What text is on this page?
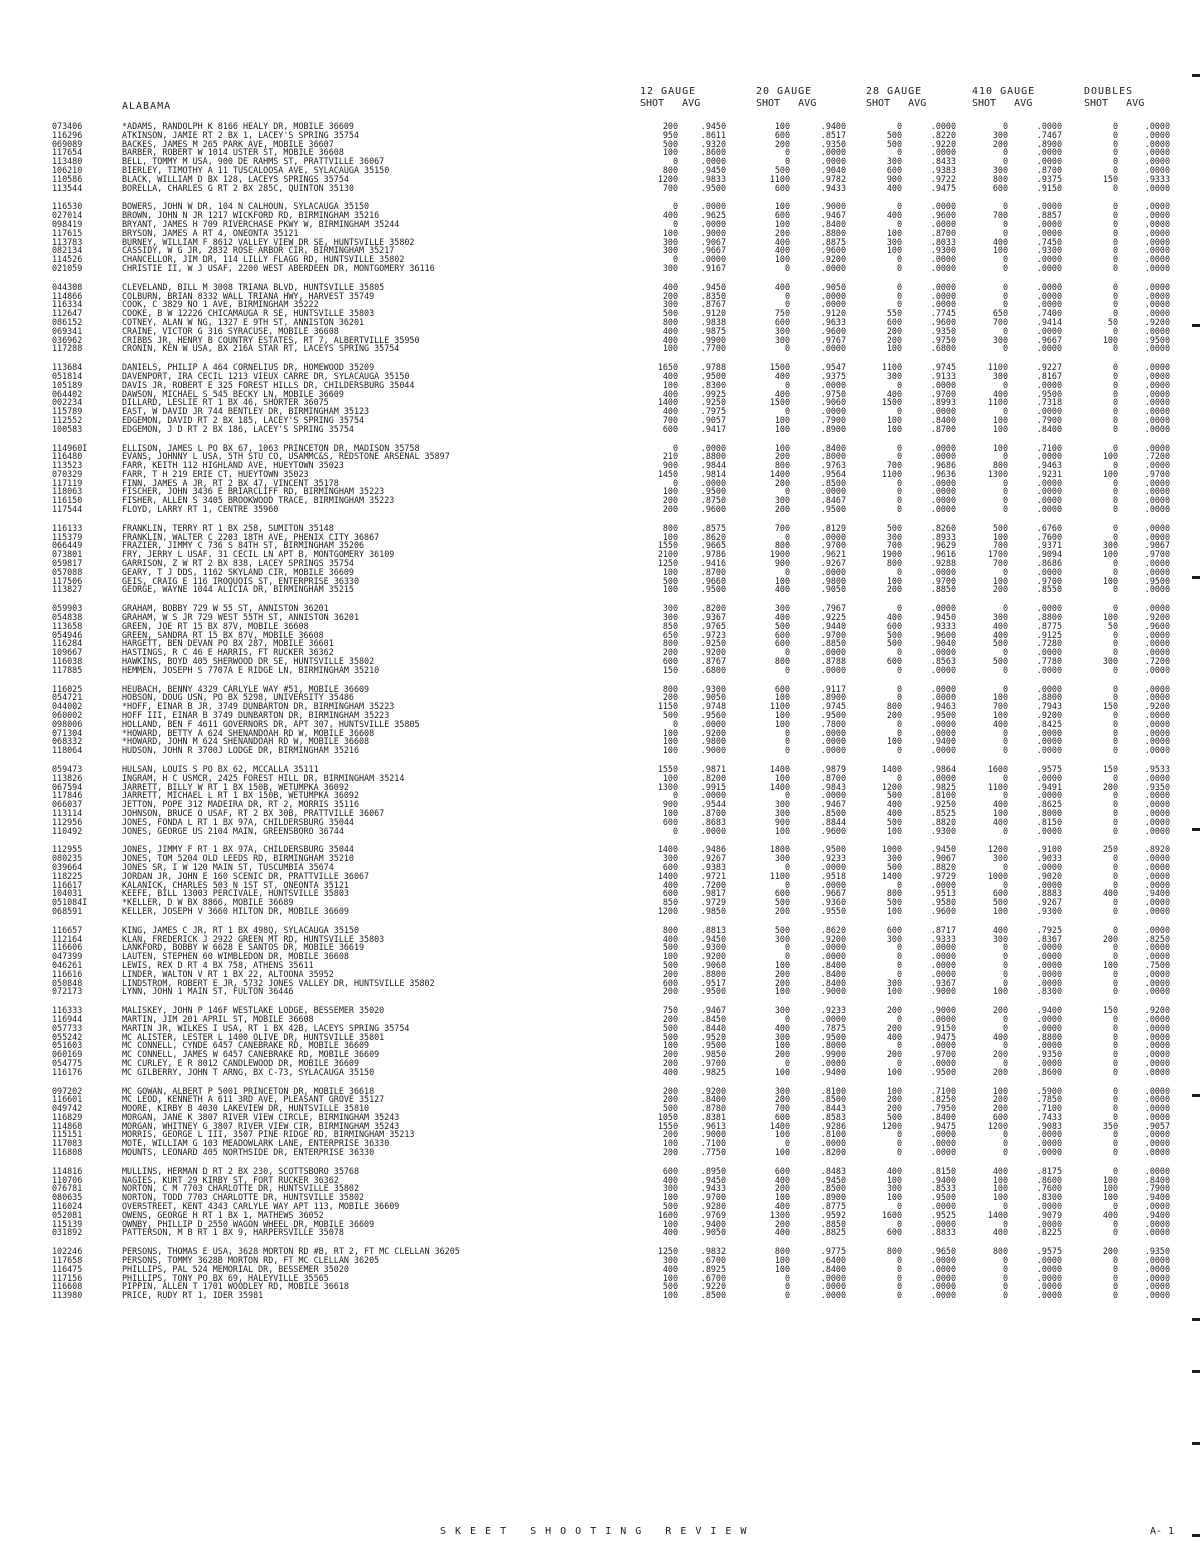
ALABAMA
12 GAUGE
SHOT AVG
20 GAUGE
SHOT AVG
28 GAUGE
SHOT AVG
410 GAUGE
SHOT AVG
DOUBLES
SHOT AVG
073406	*ADAMS, RANDOLPH K 8166 HEALY DR, MOBILE 36609	200	.9450	100	.9400	0	.0000	0	.0000	0	.0000
116296	ATKINSON, JAMIE RT 2 BX 1, LACEY'S SPRING 35754	950	.8611	600	.8517	500	.8220	300	.7467	0	.0000
069089	BACKES, JAMES M 265 PARK AVE, MOBILE 36607	500	.9320	200	.9350	500	.9220	200	.8900	0	.0000
117654	BARBER, ROBERT W 1014 USTER ST, MOBILE 36608	100	.8600	0	.0000	0	.0000	0	.0000	0	.0000
113480	BELL, TOMMY M USA, 900 DE RAHMS ST, PRATTVILLE 36067	0	.0000	0	.0000	300	.8433	0	.0000	0	.0000
106210	BIERLEY, TIMOTHY A 11 TUSCALOOSA AVE, SYLACAUGA 35150	800	.9450	500	.9040	600	.9383	300	.8700	0	.0000
110586	BLACK, WILLIAM D BX 128, LACEYS SPRINGS 35754	1200	.9833	1100	.9782	900	.9722	800	.9375	150	.9333
113544	BORELLA, CHARLES G RT 2 BX 285C, QUINTON 35130	700	.9500	600	.9433	400	.9475	600	.9150	0	.0000
116530	BOWERS, JOHN W DR, 104 N CALHOUN, SYLACAUGA 35150	0	.0000	100	.9000	0	.0000	0	.0000	0	.0000
027014	BROWN, JOHN N JR 1217 WICKFORD RD, BIRMINGHAM 35216	400	.9625	600	.9467	400	.9600	700	.8857	0	.0000
098419	BRYANT, JAMES H 709 RIVERCHASE PKWY W, BIRMINGHAM 35244	0	.0000	100	.8400	0	.0000	0	.0000	0	.0000
117615	BRYSON, JAMES A RT 4, ONEONTA 35121	100	.9000	200	.8800	100	.8700	0	.0000	0	.0000
113783	BURNEY, WILLIAM F 8612 VALLEY VIEW DR SE, HUNTSVILLE 35802	300	.9067	400	.8875	300	.8033	400	.7450	0	.0000
082134	CASSIDY, W G JR, 2832 ROSE ARBOR CIR, BIRMINGHAM 35217	300	.9667	400	.9600	100	.9300	100	.9300	0	.0000
114526	CHANCELLOR, JIM DR, 114 LILLY FLAGG RD, HUNTSVILLE 35802	0	.0000	100	.9200	0	.0000	0	.0000	0	.0000
021059	CHRISTIE II, W J USAF, 2200 WEST ABERDEEN DR, MONTGOMERY 36116	300	.9167	0	.0000	0	.0000	0	.0000	0	.0000
044308	CLEVELAND, BILL M 3008 TRIANA BLVD, HUNTSVILLE 35805	400	.9450	400	.9050	0	.0000	0	.0000	0	.0000
114866	COLBURN, BRIAN 8332 WALL TRIANA HWY, HARVEST 35749	200	.8350	0	.0000	0	.0000	0	.0000	0	.0000
116334	COOK, C 3829 NO 1 AVE, BIRMINGHAM 35222	300	.8767	0	.0000	0	.0000	0	.0000	0	.0000
112647	COOKE, B W 12226 CHICAMAUGA R SE, HUNTSVILLE 35803	500	.9120	750	.9120	550	.7745	650	.7400	0	.0000
086152	COTNEY, ALAN W NG, 1327 E 9TH ST, ANNISTON 36201	800	.9838	600	.9633	600	.9600	700	.9414	50	.9200
069341	CRAINE, VICTOR G 316 SYRACUSE, MOBILE 36608	400	.9875	300	.9600	200	.9350	0	.0000	0	.0000
036962	CRIBBS JR, HENRY B COUNTRY ESTATES, RT 7, ALBERTVILLE 35950	400	.9900	300	.9767	200	.9750	300	.9667	100	.9500
117288	CRONIN, KEN W USA, BX 216A STAR RT, LACEYS SPRING 35754	100	.7700	0	.0000	100	.6800	0	.0000	0	.0000
113684	DANIELS, PHILIP A 464 CORNELIUS DR, HOMEWOOD 35209	1650	.9788	1500	.9547	1100	.9745	1100	.9227	0	.0000
051814	DAVENPORT, IRA CECIL 1213 VIEUX CARRE DR, SYLACAUGA 35150	400	.9500	400	.9375	300	.9133	300	.8167	0	.0000
105189	DAVIS JR, ROBERT E 325 FOREST HILLS DR, CHILDERSBURG 35044	100	.8300	0	.0000	0	.0000	0	.0000	0	.0000
064402	DAWSON, MICHAEL S 545 BECKY LN, MOBILE 36609	400	.9925	400	.9750	400	.9700	400	.9500	0	.0000
002234	DILLARD, LESLIE RT 1 BX 46, SHORTER 36075	1400	.9250	1500	.9060	1500	.8993	1100	.7318	0	.0000
115789	EAST, W DAVID JR 744 BENTLEY DR, BIRMINGHAM 35123	400	.7975	0	.0000	0	.0000	0	.0000	0	.0000
112552	EDGEMON, DAVID RT 2 BX 185, LACEY'S SPRING 35754	700	.9057	100	.7900	100	.8400	100	.7900	0	.0000
100583	EDGEMON, J D RT 2 BX 186, LACEY'S SPRING 35754	600	.9417	100	.8900	100	.8700	100	.8400	0	.0000
114960I	ELLISON, JAMES L PO BX 67, 1063 PRINCETON DR, MADISON 35758	0	.0000	100	.8400	0	.0000	100	.7100	0	.0000
116480	EVANS, JOHNNY L USA, 5TH STU CO, USAMMC&S, REDSTONE ARSENAL 35897	210	.8800	200	.8000	0	.0000	0	.0000	100	.7200
113523	FARR, KEITH 112 HIGHLAND AVE, HUEYTOWN 35023	900	.9844	800	.9763	700	.9686	800	.9463	0	.0000
070329	FARR, T H 219 ERIE CT, HUEYTOWN 35023	1450	.9814	1400	.9564	1100	.9636	1300	.9231	100	.9700
117119	FINN, JAMES A JR, RT 2 BX 47, VINCENT 35178	0	.0000	200	.8500	0	.0000	0	.0000	0	.0000
118063	FISCHER, JOHN 3436 E BRIARCLIFF RD, BIRMINGHAM 35223	100	.9500	0	.0000	0	.0000	0	.0000	0	.0000
116150	FISHER, ALLEN S 3405 BROOKWOOD TRACE, BIRMINGHAM 35223	200	.8750	300	.8467	0	.0000	0	.0000	0	.0000
117544	FLOYD, LARRY RT 1, CENTRE 35960	200	.9600	200	.9500	0	.0000	0	.0000	0	.0000
116133	FRANKLIN, TERRY RT 1 BX 258, SUMITON 35148	800	.8575	700	.8129	500	.8260	500	.6760	0	.0000
115379	FRANKLIN, WALTER C 2203 18TH AVE, PHENIX CITY 36867	100	.8620	0	.0000	300	.8933	100	.7600	0	.0000
066449	FRAZIER, JIMMY C 736 S 84TH ST, BIRMINGHAM 35206	1550	.9665	800	.9700	700	.9629	700	.9371	300	.9067
073801	FRY, JERRY L USAF, 31 CECIL LN APT B, MONTGOMERY 36109	2100	.9786	1900	.9621	1900	.9616	1700	.9094	100	.9700
059817	GARRISON, Z W RT 2 BX 838, LACEY SPRINGS 35754	1250	.9416	900	.9267	800	.9288	700	.8686	0	.0000
057088	GEARY, T J DDS, 1162 SKYLAND CIR, MOBILE 36609	100	.8700	0	.0000	0	.0000	0	.0000	0	.0000
117506	GEIS, CRAIG E 116 IROQUOIS ST, ENTERPRISE 36330	500	.9660	100	.9800	100	.9700	100	.9700	100	.9500
113827	GEORGE, WAYNE 1044 ALICIA DR, BIRMINGHAM 35215	100	.9500	400	.9050	200	.8850	200	.8550	0	.0000
059903	GRAHAM, BOBBY 729 W 55 ST, ANNISTON 36201	300	.8200	300	.7967	0	.0000	0	.0000	0	.0000
054838	GRAHAM, W S JR 729 WEST 55TH ST, ANNISTON 36201	300	.9367	400	.9225	400	.9450	300	.8800	100	.9200
113658	GREEN, JOE RT 15 BX 87V, MOBILE 36608	850	.9765	500	.9440	600	.9333	400	.8775	50	.9600
054946	GREEN, SANDRA RT 15 BX 87V, MOBILE 36608	650	.9723	600	.9700	500	.9600	400	.9125	0	.0000
116284	HARGETT, BEN DEVAN PO BX 287, MOBILE 36601	800	.9250	600	.8850	500	.9040	500	.7280	0	.0000
109667	HASTINGS, R C 46 E HARRIS, FT RUCKER 36362	200	.9200	0	.0000	0	.0000	0	.0000	0	.0000
116038	HAWKINS, BOYD 405 SHERWOOD DR SE, HUNTSVILLE 35802	600	.8767	800	.8788	600	.8563	500	.7780	300	.7200
117885	HEMMEN, JOSEPH S 7707A E RIDGE LN, BIRMINGHAM 35210	150	.6800	0	.0000	0	.0000	0	.0000	0	.0000
116025	HEUBACH, BENNY 4329 CARLYLE WAY #51, MOBILE 36609	800	.9300	600	.9117	0	.0000	0	.0000	0	.0000
054721	HOBSON, DOUG USN, PO BX 5298, UNIVERSITY 35486	200	.9050	100	.8900	0	.0000	100	.8800	0	.0000
044002	*HOFF, EINAR B JR, 3749 DUNBARTON DR, BIRMINGHAM 35223	1150	.9748	1100	.9745	800	.9463	700	.7943	150	.9200
060002	HOFF III, EINAR B 3749 DUNBARTON DR, BIRMINGHAM 35223	500	.9560	100	.9500	200	.9500	100	.9200	0	.0000
098006	HOLLAND, BEN F 4611 GOVERNORS DR, APT 307, HUNTSVILLE 35805	0	.0000	100	.7800	0	.0000	400	.8425	0	.0000
071304	*HOWARD, BETTY A 624 SHENANDOAH RD W, MOBILE 36608	100	.9200	0	.0000	0	.0000	0	.0000	0	.0000
068332	*HOWARD, JOHN M 624 SHENANDOAH RD W, MOBILE 36608	100	.9800	0	.0000	100	.9400	0	.0000	0	.0000
118064	HUDSON, JOHN R 3700J LODGE DR, BIRMINGHAM 35216	100	.9000	0	.0000	0	.0000	0	.0000	0	.0000
059473	HULSAN, LOUIS S PO BX 62, MCCALLA 35111	1550	.9871	1400	.9879	1400	.9864	1600	.9575	150	.9533
113826	INGRAM, H C USMCR, 2425 FOREST HILL DR, BIRMINGHAM 35214	100	.8200	100	.8700	0	.0000	0	.0000	0	.0000
067594	JARRETT, BILLY W RT 1 BX 150B, WETUMPKA 36092	1300	.9915	1400	.9843	1200	.9825	1100	.9491	200	.9350
117846	JARRETT, MICHAEL L RT 1 BX 150B, WETUMPKA 36092	0	.0000	0	.0000	500	.8100	0	.0000	0	.0000
066037	JETTON, POPE 312 MADEIRA DR, RT 2, MORRIS 35116	900	.9544	300	.9467	400	.9250	400	.8625	0	.0000
113114	JOHNSON, BRUCE O USAF, RT 2 BX 30B, PRATTVILLE 36067	100	.8700	300	.8500	400	.8525	100	.8000	0	.0000
112956	JONES, FONDA L RT 1 BX 97A, CHILDERSBURG 35044	600	.8683	900	.8844	500	.8820	400	.8150	0	.0000
110492	JONES, GEORGE US 2104 MAIN, GREENSBORO 36744	0	.0000	100	.9600	100	.9300	0	.0000	0	.0000
112955	JONES, JIMMY F RT 1 BX 97A, CHILDERSBURG 35044	1400	.9486	1800	.9500	1000	.9450	1200	.9100	250	.8920
080235	JONES, TOM 5204 OLD LEEDS RD, BIRMINGHAM 35210	300	.9267	300	.9233	300	.9067	300	.9033	0	.0000
039664	JONES SR, I W 120 MAIN ST, TUSCUMBIA 35674	600	.9383	0	.0000	500	.8820	0	.0000	0	.0000
118225	JORDAN JR, JOHN E 160 SCENIC DR, PRATTVILLE 36067	1400	.9721	1100	.9518	1400	.9729	1000	.9020	0	.0000
116617	KALANICK, CHARLES 503 N 1ST ST, ONEONTA 35121	400	.7200	0	.0000	0	.0000	0	.0000	0	.0000
104031	KEEFE, BILL 13003 PERCIVALE, HUNTSVILLE 35803	600	.9817	600	.9667	800	.9513	600	.8883	400	.9400
051084I	*KELLER, D W BX 8866, MOBILE 36689	850	.9729	500	.9360	500	.9580	500	.9267	0	.0000
068591	KELLER, JOSEPH V 3660 HILTON DR, MOBILE 36609	1200	.9850	200	.9550	100	.9600	100	.9300	0	.0000
116657	KING, JAMES C JR, RT 1 BX 498Q, SYLACAUGA 35150	800	.8813	500	.8620	600	.8717	400	.7925	0	.0000
112164	KLAN, FREDERICK J 2922 GREEN MT RD, HUNTSVILLE 35803	400	.9450	300	.9200	300	.9333	300	.8367	200	.8250
116606	LANKFORD, BOBBY W 6628 E SANTOS DR, MOBILE 36619	500	.9300	0	.0000	0	.0000	0	.0000	0	.0000
047399	LAUTEN, STEPHEN 60 WIMBLEDON DR, MOBILE 36608	100	.9200	0	.0000	0	.0000	0	.0000	0	.0000
046261	LEWIS, REX D RT 4 BX 758, ATHENS 35611	500	.9060	100	.8400	0	.0000	0	.0000	100	.7500
116616	LINDER, WALTON V RT 1 BX 22, ALTOONA 35952	200	.8800	200	.8400	0	.0000	0	.0000	0	.0000
050848	LINDSTROM, ROBERT E JR, 5732 JONES VALLEY DR, HUNTSVILLE 35802	600	.9517	200	.8400	300	.9367	0	.0000	0	.0000
072173	LYNN, JOHN 1 MAIN ST, FULTON 36446	200	.9500	100	.9000	100	.9000	100	.8300	0	.0000
116333	MALISKEY, JOHN P 146F WESTLAKE LODGE, BESSEMER 35020	750	.9467	300	.9233	200	.9000	200	.9400	150	.9200
116944	MARTIN, JIM 201 APRIL ST, MOBILE 36608	200	.8450	0	.0000	0	.0000	0	.0000	0	.0000
057733	MARTIN JR, WILKES I USA, RT 1 BX 42B, LACEYS SPRING 35754	500	.8440	400	.7875	200	.9150	0	.0000	0	.0000
055242	MC ALISTER, LESTER L 1400 OLIVE DR, HUNTSVILLE 35801	500	.9520	300	.9500	400	.9475	400	.8800	0	.0000
051603	MC CONNELL, CYNDE 6457 CANEBRAKE RD, MOBILE 36609	100	.9500	100	.8000	0	.0000	0	.0000	0	.0000
060169	MC CONNELL, JAMES W 6457 CANEBRAKE RD, MOBILE 36609	200	.9850	200	.9900	200	.9700	200	.9350	0	.0000
054775	MC CURLEY, E R 8012 CANDLEWOOD DR, MOBILE 36609	200	.9700	0	.0000	0	.0000	0	.0000	0	.0000
116176	MC GILBERRY, JOHN T ARNG, BX C-73, SYLACAUGA 35150	400	.9825	100	.9400	100	.9500	200	.8600	0	.0000
097202	MC GOWAN, ALBERT P 5001 PRINCETON DR, MOBILE 36618	200	.9200	300	.8100	100	.7100	100	.5900	0	.0000
116601	MC LEOD, KENNETH A 611 3RD AVE, PLEASANT GROVE 35127	200	.8400	200	.8500	200	.8250	200	.7850	0	.0000
049742	MOORE, KIRBY B 4030 LAKEVIEW DR, HUNTSVILLE 35810	500	.8780	700	.8443	200	.7950	200	.7100	0	.0000
116829	MORGAN, JANE K 3807 RIVER VIEW CIRCLE, BIRMINGHAM 35243	1050	.8381	600	.8583	500	.8400	600	.7433	0	.0000
114868	MORGAN, WHITNEY G 3807 RIVER VIEW CIR, BIRMINGHAM 35243	1550	.9613	1400	.9286	1200	.9475	1200	.9083	350	.9057
115151	MORRIS, GEORGE L III, 3507 PINE RIDGE RD, BIRMINGHAM 35213	200	.9000	100	.8100	0	.0000	0	.0000	0	.0000
117083	MOTE, WILLIAM G 103 MEADOWLARK LANE, ENTERPRISE 36330	100	.7100	0	.0000	0	.0000	0	.0000	0	.0000
116808	MOUNTS, LEONARD 405 NORTHSIDE DR, ENTERPRISE 36330	200	.7750	100	.8200	0	.0000	0	.0000	0	.0000
114816	MULLINS, HERMAN D RT 2 BX 230, SCOTTSBORO 35768	600	.8950	600	.8483	400	.8150	400	.8175	0	.0000
110706	NAGIES, KURT 29 KIRBY ST, FORT RUCKER 36362	400	.9450	400	.9450	100	.9400	100	.8600	100	.8400
076781	NORTON, C M 7703 CHARLOTTE DR, HUNTSVILLE 35802	300	.9433	200	.8500	300	.8533	100	.7600	100	.7900
080635	NORTON, TODD 7703 CHARLOTTE DR, HUNTSVILLE 35802	100	.9700	100	.8900	100	.9500	100	.8300	100	.9400
116024	OVERSTREET, KENT 4343 CARLYLE WAY APT 113, MOBILE 36609	500	.9280	400	.8775	0	.0000	0	.0000	0	.0000
052081	OWENS, GEORGE H RT 1 BX 1, MATHEWS 36052	1600	.9769	1300	.9592	1600	.9525	1400	.9079	400	.9400
115139	OWNBY, PHILLIP D 2550 WAGON WHEEL DR, MOBILE 36609	100	.9400	200	.8850	0	.0000	0	.0000	0	.0000
031892	PATTERSON, M B RT 1 BX 9, HARPERSVILLE 35078	400	.9050	400	.8825	600	.8833	400	.8225	0	.0000
102246	PERSONS, THOMAS E USA, 3628 MORTON RD #B, RT 2, FT MC CLELLAN 36205	1250	.9832	800	.9775	800	.9650	800	.9575	200	.9350
117658	PERSONS, TOMMY 3628B MORTON RD, FT MC CLELLAN 36205	300	.6700	100	.6400	0	.0000	0	.0000	0	.0000
116475	PHILLIPS, PAL 524 MEMORIAL DR, BESSEMER 35020	400	.8925	100	.8400	0	.0000	0	.0000	0	.0000
117156	PHILLIPS, TONY PO BX 69, HALEYVILLE 35565	100	.6700	0	.0000	0	.0000	0	.0000	0	.0000
116608	PIPPIN, ALLEN T 1701 WOODLEY RD, MOBILE 36618	500	.9220	0	.0000	0	.0000	0	.0000	0	.0000
113980	PRICE, RUDY RT 1, IDER 35981	100	.8500	0	.0000	0	.0000	0	.0000	0	.0000
SKEET SHOOTING REVIEW	A- 1
